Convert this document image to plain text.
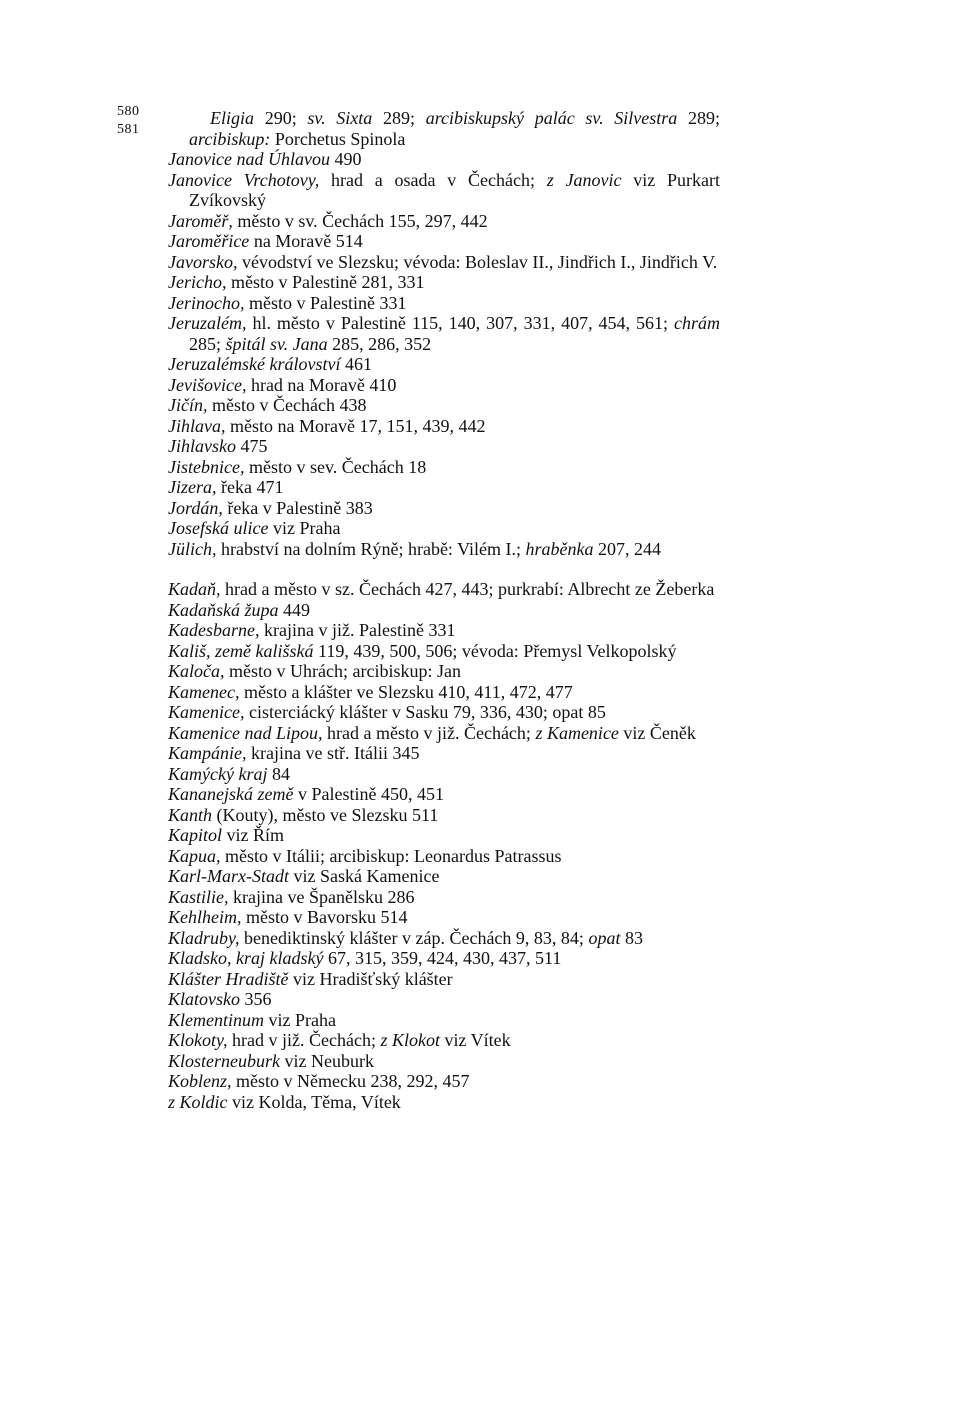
580
581
Eligia 290; sv. Sixta 289; arcibiskupský palác sv. Silvestra 289; arcibiskup: Porchetus Spinola
Janovice nad Úhlavou 490
Janovice Vrchotovy, hrad a osada v Čechách; z Janovic viz Purkart Zvíkovský
Jaroměř, město v sv. Čechách 155, 297, 442
Jaroměřice na Moravě 514
Javorsko, vévodství ve Slezsku; vévoda: Boleslav II., Jindřich I., Jindřich V.
Jericho, město v Palestině 281, 331
Jerinocho, město v Palestině 331
Jeruzalém, hl. město v Palestině 115, 140, 307, 331, 407, 454, 561; chrám 285; špitál sv. Jana 285, 286, 352
Jeruzalémské království 461
Jevišovice, hrad na Moravě 410
Jičín, město v Čechách 438
Jihlava, město na Moravě 17, 151, 439, 442
Jihlavsko 475
Jistebnice, město v sev. Čechách 18
Jizera, řeka 471
Jordán, řeka v Palestině 383
Josefská ulice viz Praha
Jülich, hrabství na dolním Rýně; hrabě: Vilém I.; hraběnka 207, 244
Kadaň, hrad a město v sz. Čechách 427, 443; purkrabí: Albrecht ze Žeberka
Kadaňská župa 449
Kadesbarne, krajina v již. Palestině 331
Kališ, země kališská 119, 439, 500, 506; vévoda: Přemysl Velkopolský
Kaloča, město v Uhrách; arcibiskup: Jan
Kamenec, město a klášter ve Slezsku 410, 411, 472, 477
Kamenice, cisterciácký klášter v Sasku 79, 336, 430; opat 85
Kamenice nad Lipou, hrad a město v již. Čechách; z Kamenice viz Čeněk
Kampánie, krajina ve stř. Itálii 345
Kamýcký kraj 84
Kananejská země v Palestině 450, 451
Kanth (Kouty), město ve Slezsku 511
Kapitol viz Řím
Kapua, město v Itálii; arcibiskup: Leonardus Patrassus
Karl-Marx-Stadt viz Saská Kamenice
Kastilie, krajina ve Španělsku 286
Kehlheim, město v Bavorsku 514
Kladruby, benediktinský klášter v záp. Čechách 9, 83, 84; opat 83
Kladsko, kraj kladský 67, 315, 359, 424, 430, 437, 511
Klášter Hradiště viz Hradišťský klášter
Klatovsko 356
Klementinum viz Praha
Klokoty, hrad v již. Čechách; z Klokot viz Vítek
Klosterneuburk viz Neuburk
Koblenz, město v Německu 238, 292, 457
z Koldic viz Kolda, Těma, Vítek
